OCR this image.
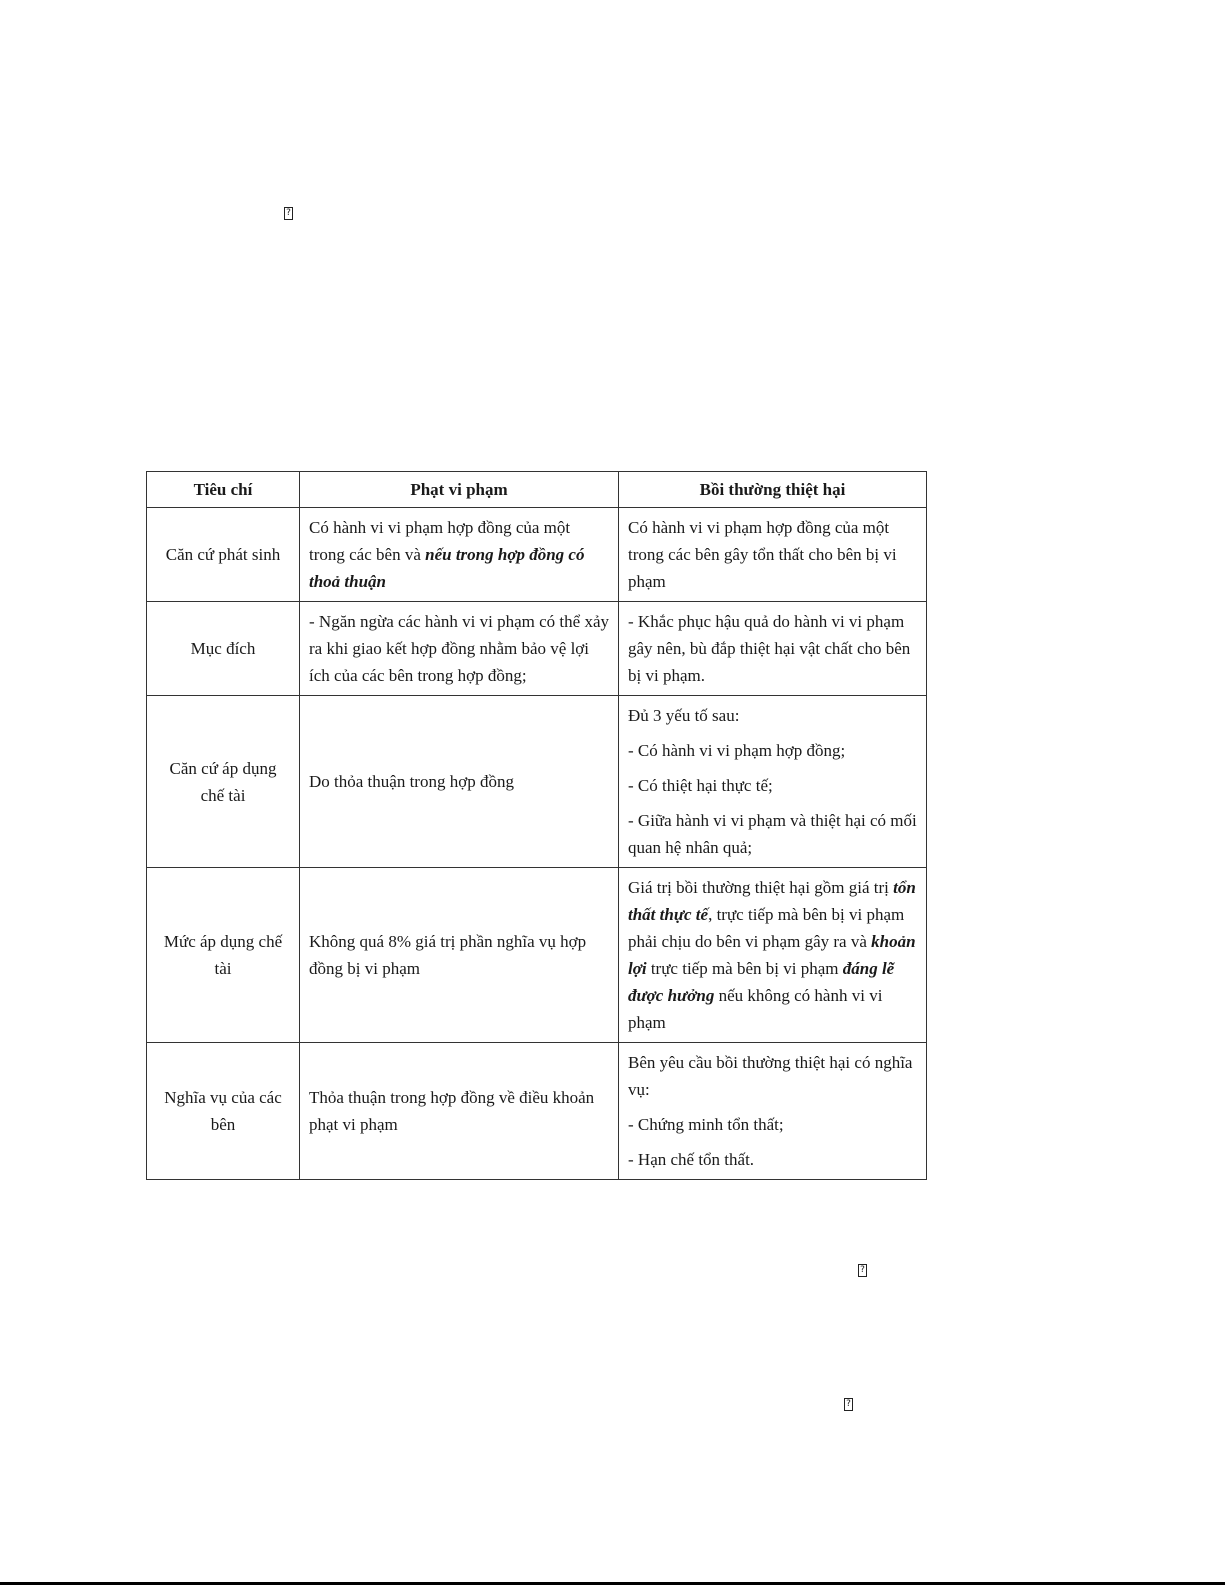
?
Tiêu chí	Phạt vi phạm	Bồi thường thiệt hại
Căn cứ phát sinh	Có hành vi vi phạm hợp đồng của một trong các bên và nếu trong hợp đồng có thoả thuận	Có hành vi vi phạm hợp đồng của một trong các bên gây tổn thất cho bên bị vi phạm
Mục đích	- Ngăn ngừa các hành vi vi phạm có thể xảy ra khi giao kết hợp đồng nhằm bảo vệ lợi ích của các bên trong hợp đồng;	- Khắc phục hậu quả do hành vi vi phạm gây nên, bù đắp thiệt hại vật chất cho bên bị vi phạm.
Căn cứ áp dụng chế tài	Do thỏa thuận trong hợp đồng	Đủ 3 yếu tố sau:

- Có hành vi vi phạm hợp đồng;

- Có thiệt hại thực tế;

- Giữa hành vi vi phạm và thiệt hại có mối quan hệ nhân quả;

Mức áp dụng chế tài	Không quá 8% giá trị phần nghĩa vụ hợp đồng bị vi phạm	Giá trị bồi thường thiệt hại gồm giá trị tổn thất thực tế, trực tiếp mà bên bị vi phạm phải chịu do bên vi phạm gây ra và khoản lợi trực tiếp mà bên bị vi phạm đáng lẽ được hưởng nếu không có hành vi vi phạm
Nghĩa vụ của các bên	Thỏa thuận trong hợp đồng về điều khoản phạt vi phạm	Bên yêu cầu bồi thường thiệt hại có nghĩa vụ:

- Chứng minh tổn thất;

- Hạn chế tổn thất.

?
?
